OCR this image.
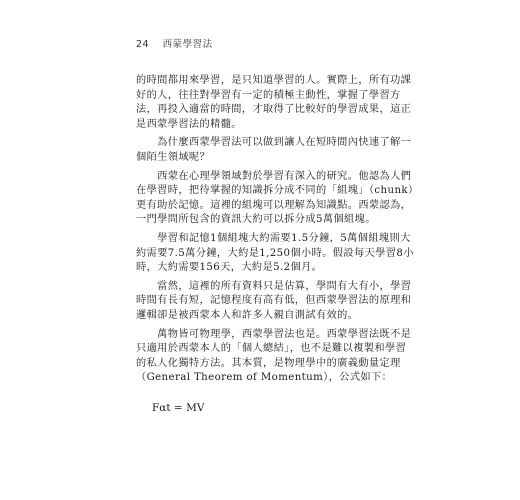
24 西蒙學習法
的時間都用來學習，是只知道學習的人。實際上，所有功課
好的人，往往對學習有一定的積極主動性，掌握了學習方
法，再投入適當的時間，才取得了比較好的學習成果，這正
是西蒙學習法的精髓。
　　為什麼西蒙學習法可以做到讓人在短時間內快速了解一
個陌生領域呢？
　　西蒙在心理學領域對於學習有深入的研究。他認為人們
在學習時，把待掌握的知識拆分成不同的「組塊」（chunk）
更有助於記憶。這裡的組塊可以理解為知識點。西蒙認為，
一門學問所包含的資訊大約可以拆分成5萬個組塊。
　　學習和記憶1個組塊大約需要1.5分鐘，5萬個組塊則大
約需要7.5萬分鐘，大約是1,250個小時。假設每天學習8小
時，大約需要156天，大約是5.2個月。
　　當然，這裡的所有資料只是估算，學問有大有小，學習
時間有長有短，記憶程度有高有低，但西蒙學習法的原理和
邏輯卻是被西蒙本人和許多人親自測試有效的。
　　萬物皆可物理學，西蒙學習法也是。西蒙學習法既不是
只適用於西蒙本人的「個人總結」，也不是難以複製和學習
的私人化獨特方法。其本質，是物理學中的廣義動量定理
（General Theorem of Momentum），公式如下：
Fαt = MV
